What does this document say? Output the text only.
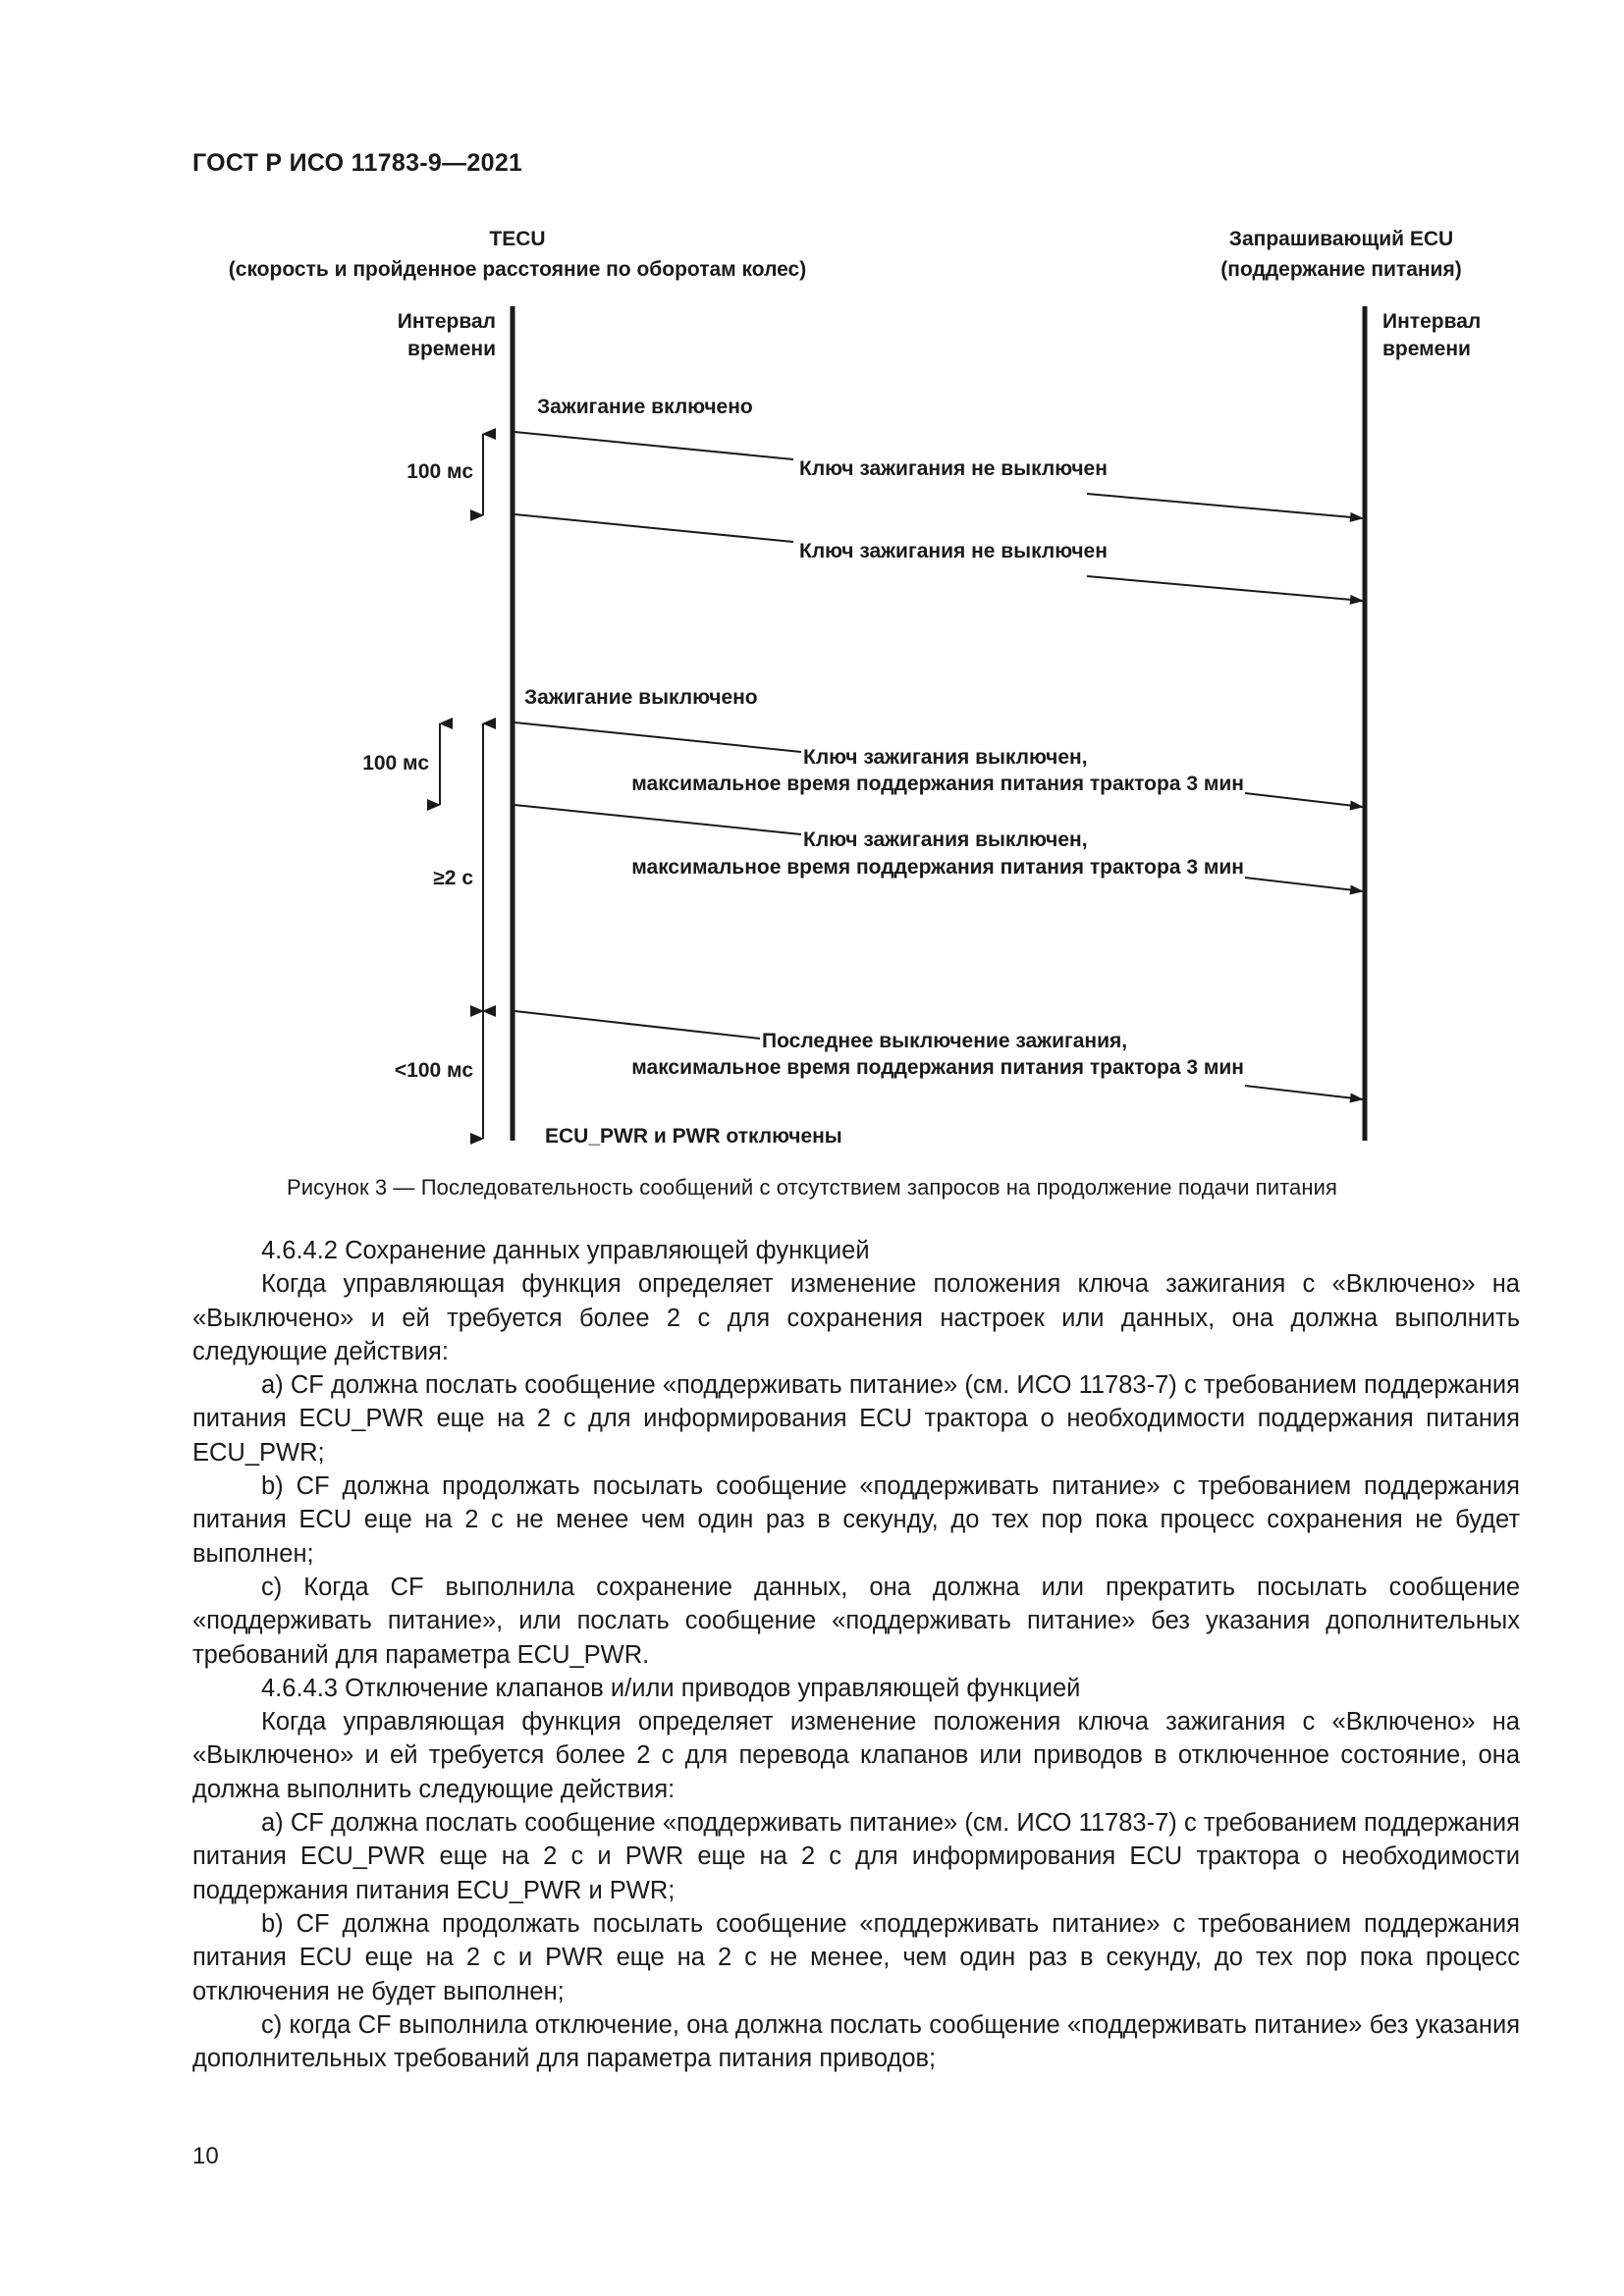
ГОСТ Р ИСО 11783-9—2021
TECU
(скорость и пройденное расстояние по оборотам колес)
Запрашивающий ECU
(поддержание питания)
Интервал
времени
Интервал
времени
Зажигание включено
Зажигание выключено
ECU_PWR и PWR отключены
Ключ зажигания не выключен
Ключ зажигания не выключен
Ключ зажигания выключен,
максимальное время поддержания питания трактора 3 мин
Ключ зажигания выключен,
максимальное время поддержания питания трактора 3 мин
Последнее выключение зажигания,
максимальное время поддержания питания трактора 3 мин
100 мс
100 мс
≥2 с
<100 мс
Рисунок 3 — Последовательность сообщений с отсутствием запросов на продолжение подачи питания

4.6.4.2 Сохранение данных управляющей функцией

Когда управляющая функция определяет изменение положения ключа зажигания с «Включено» на «Выключено» и ей требуется более 2 с для сохранения настроек или данных, она должна выполнить следующие действия:

а) CF должна послать сообщение «поддерживать питание» (см. ИСО 11783-7) с требованием поддержания питания ECU_PWR еще на 2 с для информирования ECU трактора о необходимости поддержания питания ECU_PWR;

b) CF должна продолжать посылать сообщение «поддерживать питание» с требованием поддержания питания ECU еще на 2 с не менее чем один раз в секунду, до тех пор пока процесс сохранения не будет выполнен;

c) Когда CF выполнила сохранение данных, она должна или прекратить посылать сообщение «поддерживать питание», или послать сообщение «поддерживать питание» без указания дополнительных требований для параметра ECU_PWR.

4.6.4.3 Отключение клапанов и/или приводов управляющей функцией

Когда управляющая функция определяет изменение положения ключа зажигания с «Включено» на «Выключено» и ей требуется более 2 с для перевода клапанов или приводов в отключенное состояние, она должна выполнить следующие действия:

а) CF должна послать сообщение «поддерживать питание» (см. ИСО 11783-7) с требованием поддержания питания ECU_PWR еще на 2 с и PWR еще на 2 с для информирования ECU трактора о необходимости поддержания питания ECU_PWR и PWR;

b) CF должна продолжать посылать сообщение «поддерживать питание» с требованием поддержания питания ECU еще на 2 с и PWR еще на 2 с не менее, чем один раз в секунду, до тех пор пока процесс отключения не будет выполнен;

c) когда CF выполнила отключение, она должна послать сообщение «поддерживать питание» без указания дополнительных требований для параметра питания приводов;

10
